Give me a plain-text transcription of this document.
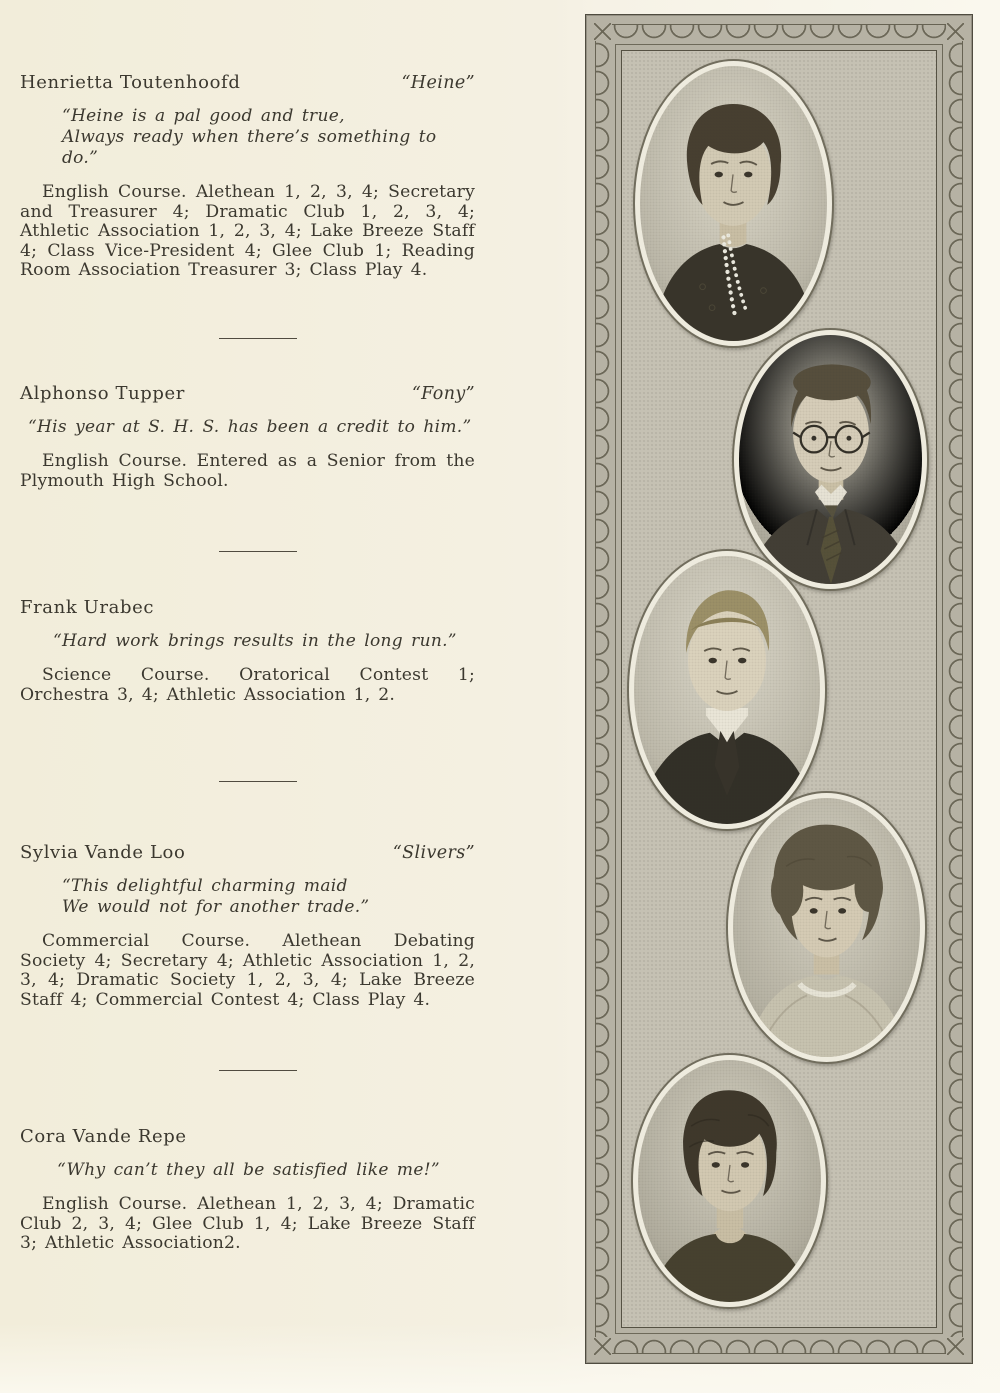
Henrietta Toutenhoofd	“Heine”
“Heine is a pal good and true,
Always ready when there’s something to do.”

English Course. Alethean 1, 2, 3, 4; Secretary and Treasurer 4; Dramatic Club 1, 2, 3, 4; Athletic Association 1, 2, 3, 4; Lake Breeze Staff 4; Class Vice-President 4; Glee Club 1; Reading Room Association Treasurer 3; Class Play 4.

Alphonso Tupper	“Fony”
“His year at S. H. S. has been a credit to him.”

English Course. Entered as a Senior from the Plymouth High School.

Frank Urabec
“Hard work brings results in the long run.”

Science Course. Oratorical Contest 1; Orchestra 3, 4; Athletic Association 1, 2.

Sylvia Vande Loo	“Slivers”
“This delightful charming maid
We would not for another trade.”

Commercial Course. Alethean Debating Society 4; Secretary 4; Athletic Association 1, 2, 3, 4; Dramatic Society 1, 2, 3, 4; Lake Breeze Staff 4; Commercial Contest 4; Class Play 4.

Cora Vande Repe
“Why can’t they all be satisfied like me!”

English Course. Alethean 1, 2, 3, 4; Dramatic Club 2, 3, 4; Glee Club 1, 4; Lake Breeze Staff 3; Athletic Association2.
